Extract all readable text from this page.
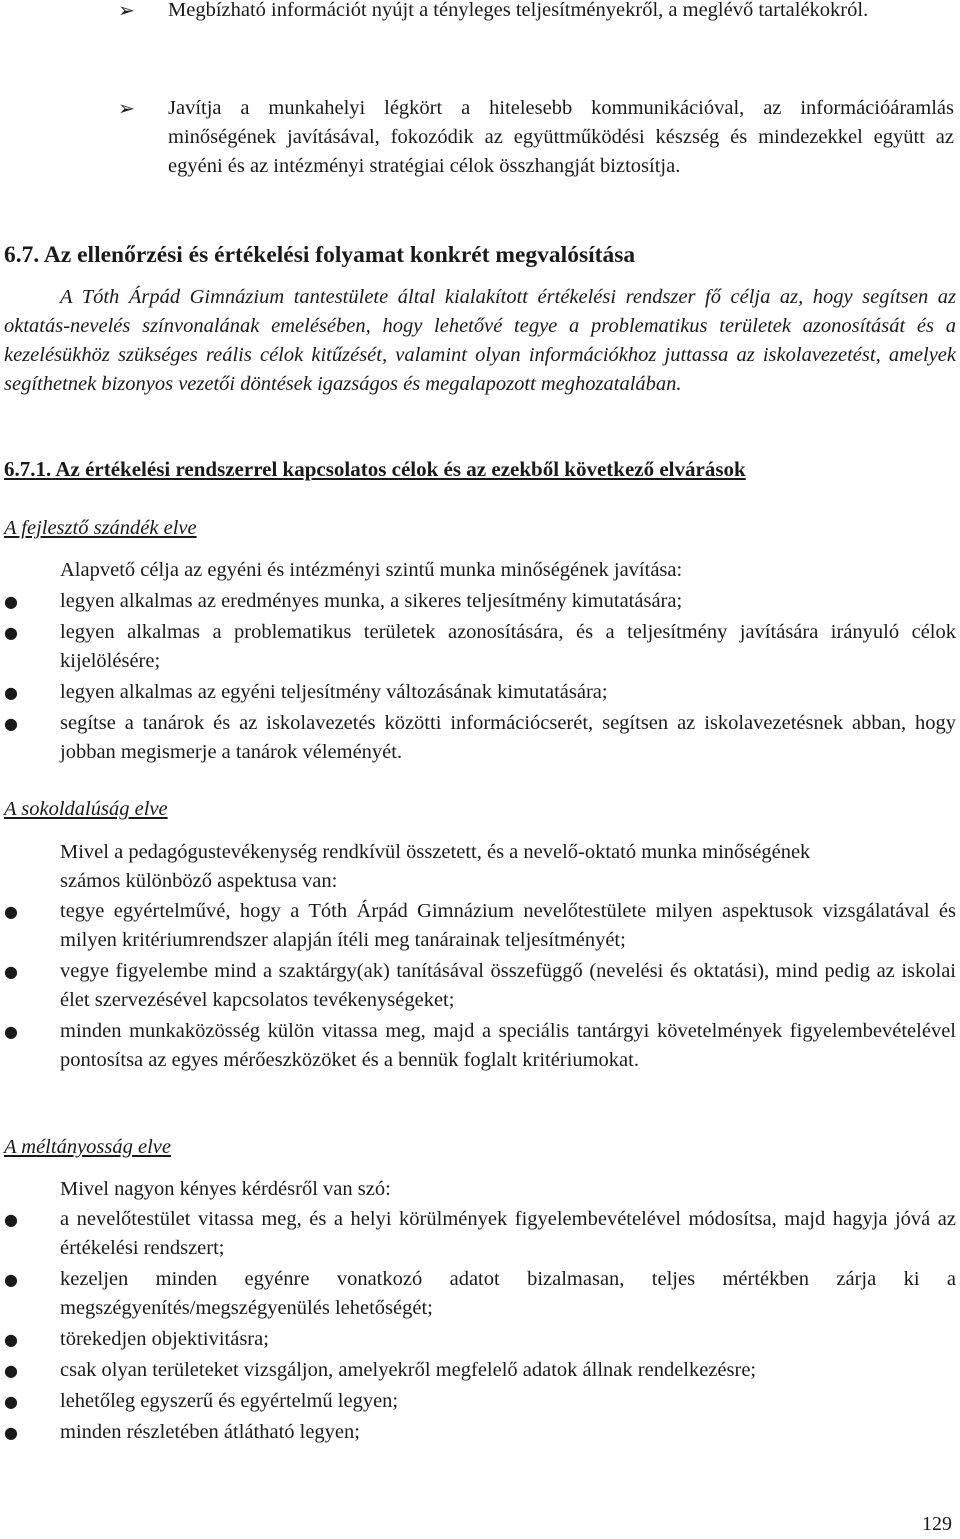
➢ Megbízható információt nyújt a tényleges teljesítményekről, a meglévő tartalékokról.
➢ Javítja a munkahelyi légkört a hitelesebb kommunikációval, az információáramlás minőségének javításával, fokozódik az együttműködési készség és mindezekkel együtt az egyéni és az intézményi stratégiai célok összhangját biztosítja.
6.7. Az ellenőrzési és értékelési folyamat konkrét megvalósítása
A Tóth Árpád Gimnázium tantestülete által kialakított értékelési rendszer fő célja az, hogy segítsen az oktatás-nevelés színvonalának emelésében, hogy lehetővé tegye a problematikus területek azonosítását és a kezelésükhöz szükséges reális célok kitűzését, valamint olyan információkhoz juttassa az iskolavezetést, amelyek segíthetnek bizonyos vezetői döntések igazságos és megalapozott meghozatalában.
6.7.1. Az értékelési rendszerrel kapcsolatos célok és az ezekből következő elvárások
A fejlesztő szándék elve
Alapvető célja az egyéni és intézményi szintű munka minőségének javítása:
● legyen alkalmas az eredményes munka, a sikeres teljesítmény kimutatására;
● legyen alkalmas a problematikus területek azonosítására, és a teljesítmény javítására irányuló célok kijelölésére;
● legyen alkalmas az egyéni teljesítmény változásának kimutatására;
● segítse a tanárok és az iskolavezetés közötti információcserét, segítsen az iskolavezetésnek abban, hogy jobban megismerje a tanárok véleményét.
A sokoldalúság elve
Mivel a pedagógustevékenység rendkívül összetett, és a nevelő-oktató munka minőségének számos különböző aspektusa van:
● tegye egyértelművé, hogy a Tóth Árpád Gimnázium nevelőtestülete milyen aspektusok vizsgálatával és milyen kritériumrendszer alapján ítéli meg tanárainak teljesítményét;
● vegye figyelembe mind a szaktárgy(ak) tanításával összefüggő (nevelési és oktatási), mind pedig az iskolai élet szervezésével kapcsolatos tevékenységeket;
● minden munkaközösség külön vitassa meg, majd a speciális tantárgyi követelmények figyelembevételével pontosítsa az egyes mérőeszközöket és a bennük foglalt kritériumokat.
A méltányosság elve
Mivel nagyon kényes kérdésről van szó:
● a nevelőtestület vitassa meg, és a helyi körülmények figyelembevételével módosítsa, majd hagyja jóvá az értékelési rendszert;
● kezeljen minden egyénre vonatkozó adatot bizalmasan, teljes mértékben zárja ki a megszégyenítés/megszégyenülés lehetőségét;
● törekedjen objektivitásra;
● csak olyan területeket vizsgáljon, amelyekről megfelelő adatok állnak rendelkezésre;
● lehetőleg egyszerű és egyértelmű legyen;
● minden részletében átlátható legyen;
129
